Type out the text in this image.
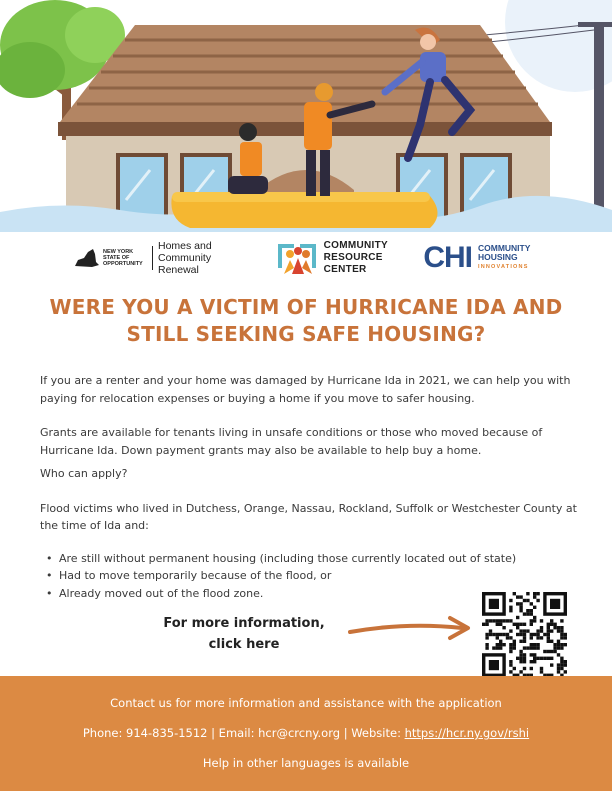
NEW YORK STATE OF OPPORTUNITY
Homes and Community Renewal
COMMUNITY RESOURCE CENTER	CHI COMMUNITY HOUSING
INNOVATIONS
WERE YOU A VICTIM OF HURRICANE IDA AND STILL SEEKING SAFE HOUSING?

If you are a renter and your home was damaged by Hurricane Ida in 2021, we can help you with paying for relocation expenses or buying a home if you move to safer housing.

Grants are available for tenants living in unsafe conditions or those who moved because of Hurricane Ida. Down payment grants may also be available to help buy a home.

Who can apply?

Flood victims who lived in Dutchess, Orange, Nassau, Rockland, Suffolk or Westchester County at the time of Ida and:

• Are still without permanent housing (including those currently located out of state)
• Had to move temporarily because of the flood, or
• Already moved out of the flood zone.
For more information,
click here
Contact us for more information and assistance with the application
Phone: 914-835-1512 | Email: hcr@crcny.org | Website: https://hcr.ny.gov/rshi
Help in other languages is available
